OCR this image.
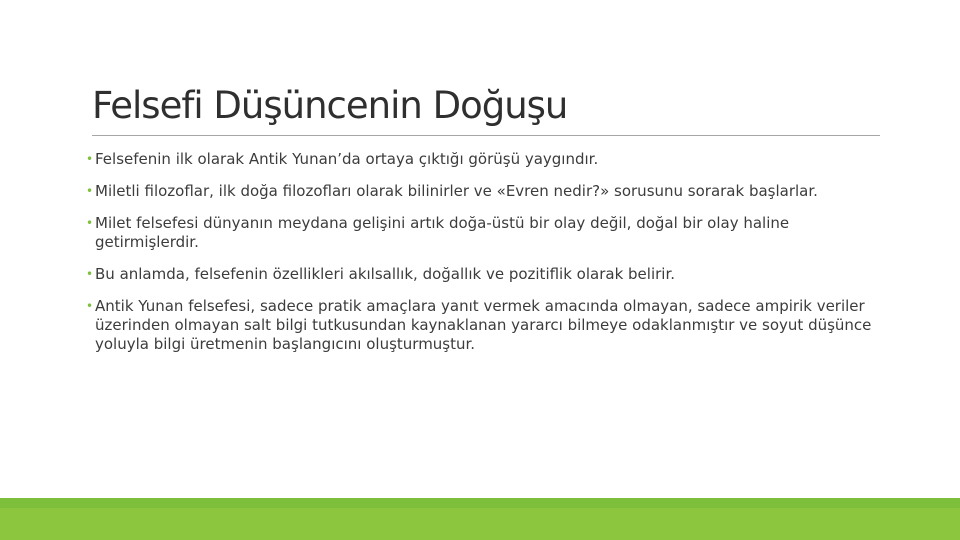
Felsefi Düşüncenin Doğuşu
• Felsefenin ilk olarak Antik Yunan’da ortaya çıktığı görüşü yaygındır.
• Miletli filozoflar, ilk doğa filozofları olarak bilinirler ve «Evren nedir?» sorusunu sorarak başlarlar.
• Milet felsefesi dünyanın meydana gelişini artık doğa-üstü bir olay değil, doğal bir olay haline getirmişlerdir.
• Bu anlamda, felsefenin özellikleri akılsallık, doğallık ve pozitiflik olarak belirir.
• Antik Yunan felsefesi, sadece pratik amaçlara yanıt vermek amacında olmayan, sadece ampirik veriler üzerinden olmayan salt bilgi tutkusundan kaynaklanan yararcı bilmeye odaklanmıştır ve soyut düşünce yoluyla bilgi üretmenin başlangıcını oluşturmuştur.
